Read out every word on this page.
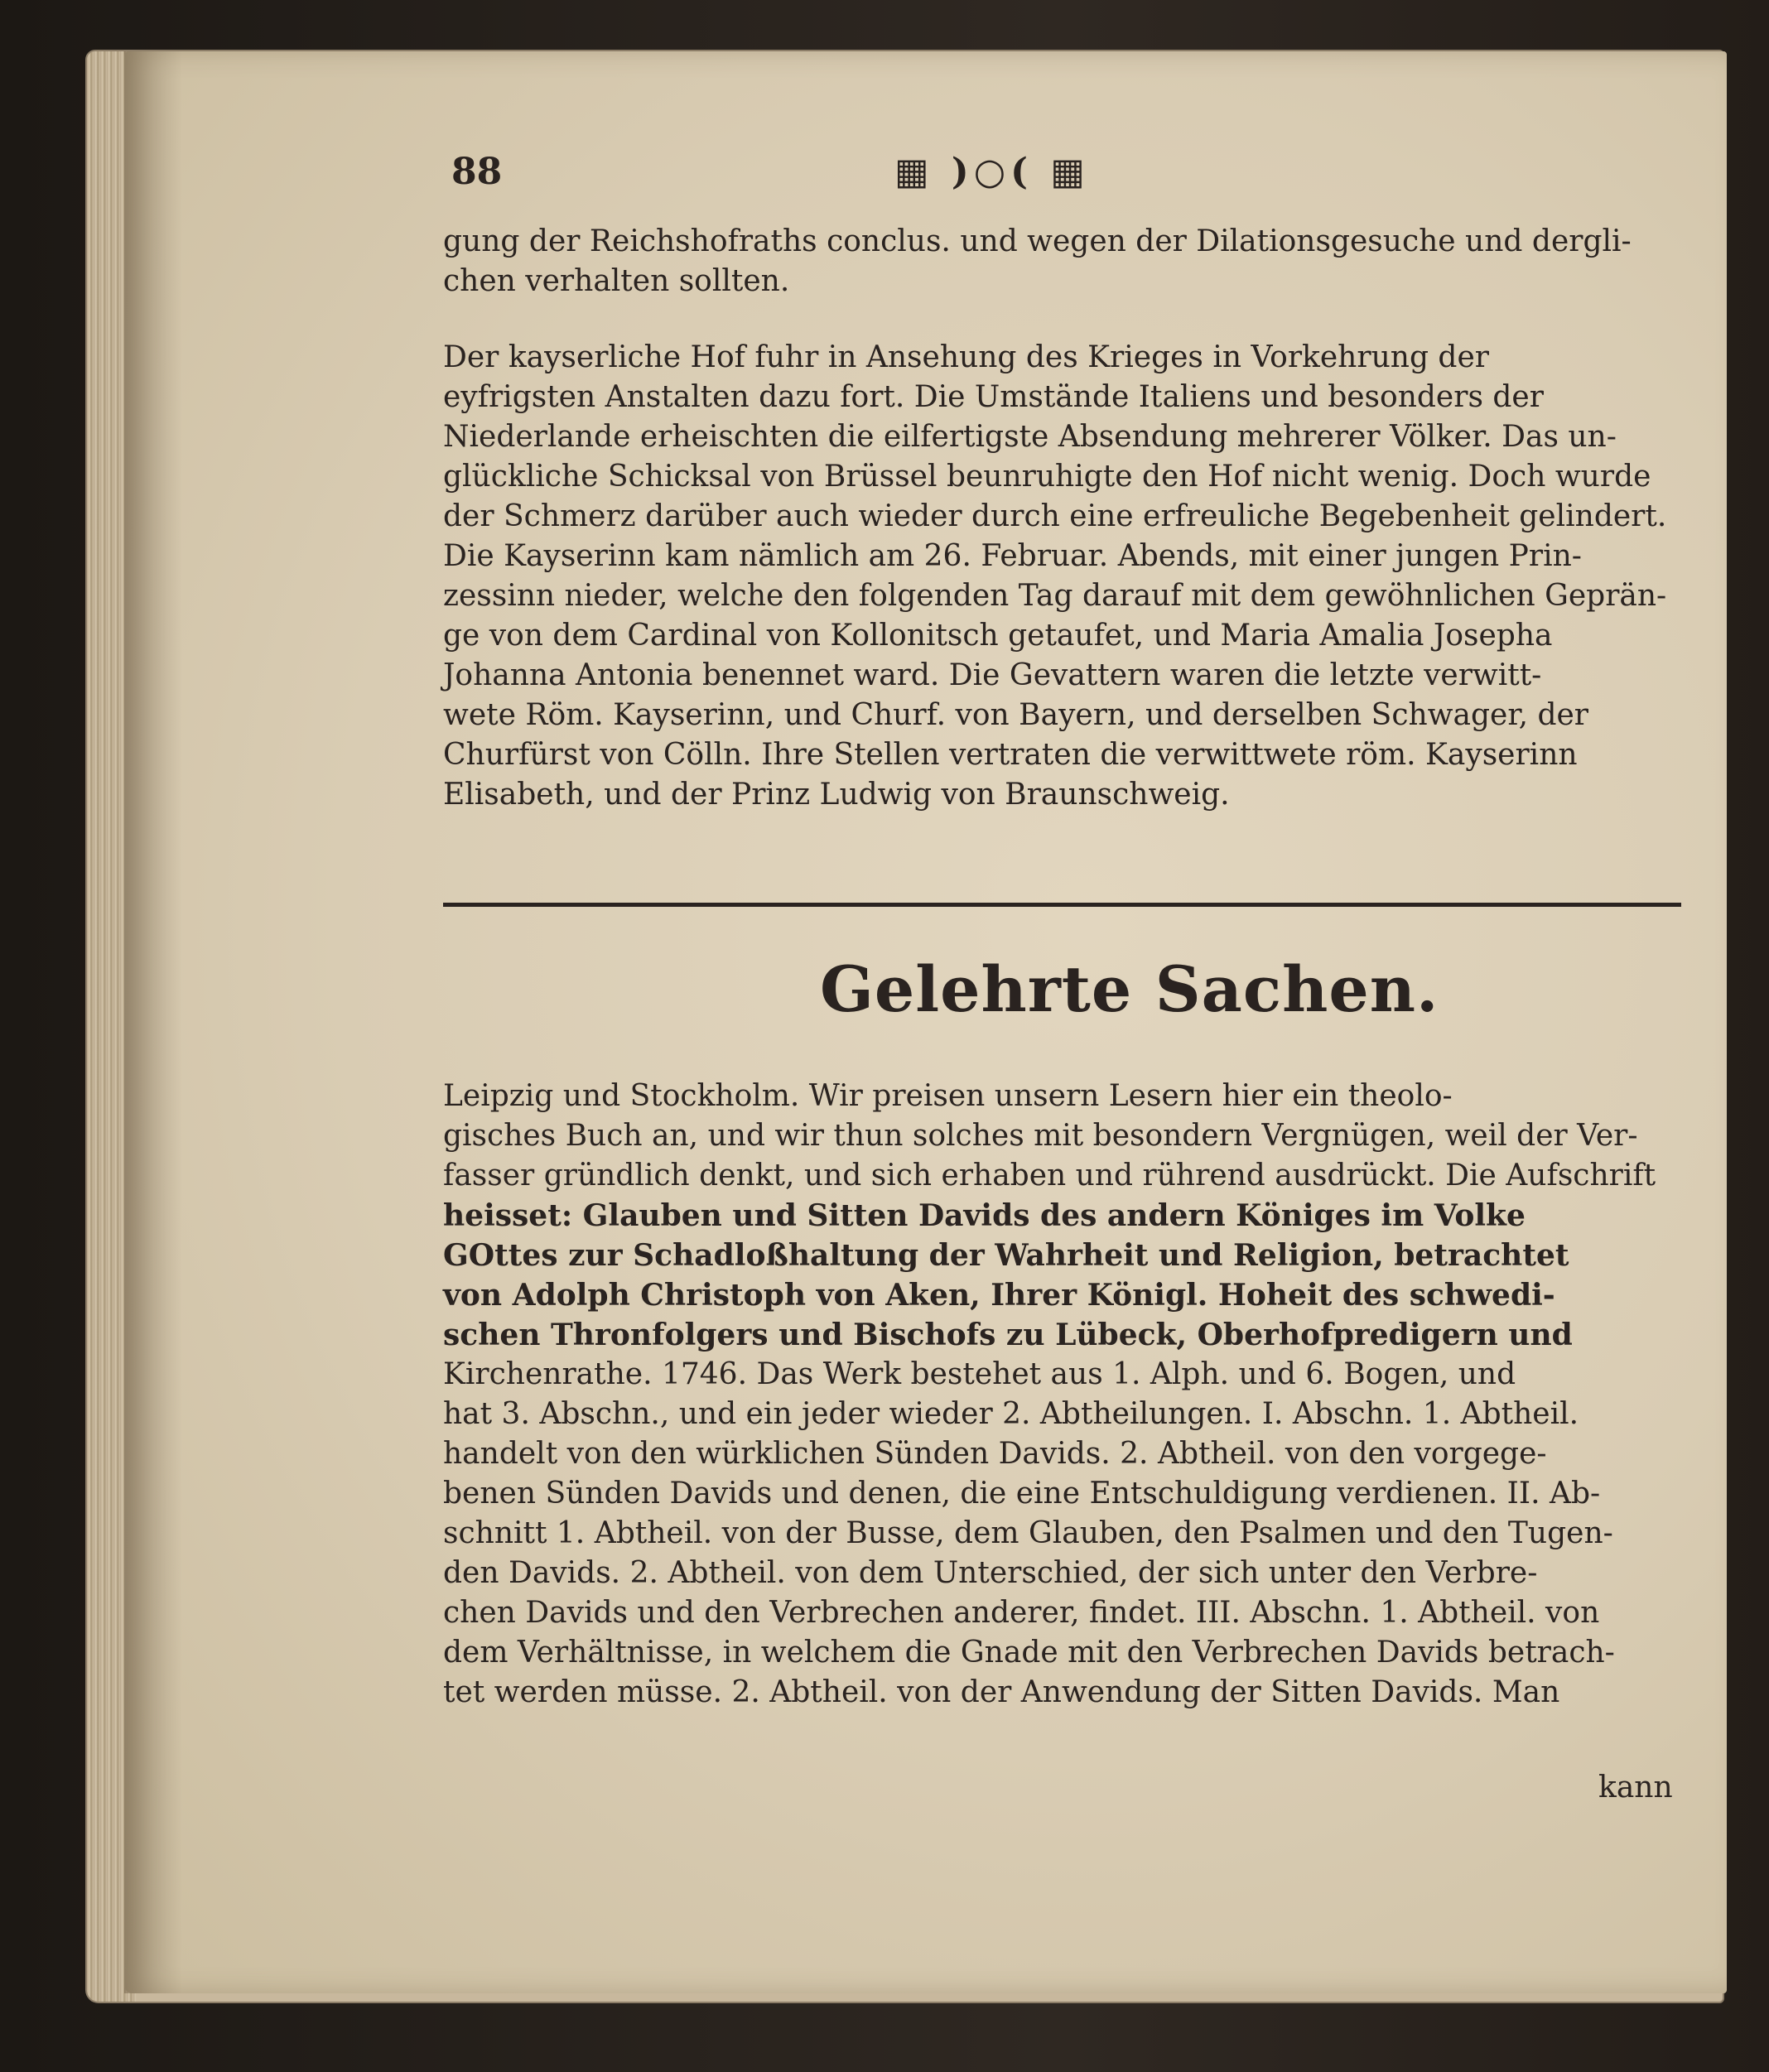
88	▦ )○( ▦
gung der Reichshofraths conclus. und wegen der Dilationsgesuche und dergli-
chen verhalten sollten.
Der kayserliche Hof fuhr in Ansehung des Krieges in Vorkehrung der
eyfrigsten Anstalten dazu fort. Die Umstände Italiens und besonders der
Niederlande erheischten die eilfertigste Absendung mehrerer Völker. Das un-
glückliche Schicksal von Brüssel beunruhigte den Hof nicht wenig. Doch wurde
der Schmerz darüber auch wieder durch eine erfreuliche Begebenheit gelindert.
Die Kayserinn kam nämlich am 26. Februar. Abends, mit einer jungen Prin-
zessinn nieder, welche den folgenden Tag darauf mit dem gewöhnlichen Geprän-
ge von dem Cardinal von Kollonitsch getaufet, und Maria Amalia Josepha
Johanna Antonia benennet ward. Die Gevattern waren die letzte verwitt-
wete Röm. Kayserinn, und Churf. von Bayern, und derselben Schwager, der
Churfürst von Cölln. Ihre Stellen vertraten die verwittwete röm. Kayserinn
Elisabeth, und der Prinz Ludwig von Braunschweig.
Gelehrte Sachen.
Leipzig und Stockholm. Wir preisen unsern Lesern hier ein theolo-
gisches Buch an, und wir thun solches mit besondern Vergnügen, weil der Ver-
fasser gründlich denkt, und sich erhaben und rührend ausdrückt. Die Aufschrift
heisset: Glauben und Sitten Davids des andern Königes im Volke
GOttes zur Schadloßhaltung der Wahrheit und Religion, betrachtet
von Adolph Christoph von Aken, Ihrer Königl. Hoheit des schwedi-
schen Thronfolgers und Bischofs zu Lübeck, Oberhofpredigern und
Kirchenrathe. 1746. Das Werk bestehet aus 1. Alph. und 6. Bogen, und
hat 3. Abschn., und ein jeder wieder 2. Abtheilungen. I. Abschn. 1. Abtheil.
handelt von den würklichen Sünden Davids. 2. Abtheil. von den vorgege-
benen Sünden Davids und denen, die eine Entschuldigung verdienen. II. Ab-
schnitt 1. Abtheil. von der Busse, dem Glauben, den Psalmen und den Tugen-
den Davids. 2. Abtheil. von dem Unterschied, der sich unter den Verbre-
chen Davids und den Verbrechen anderer, findet. III. Abschn. 1. Abtheil. von
dem Verhältnisse, in welchem die Gnade mit den Verbrechen Davids betrach-
tet werden müsse. 2. Abtheil. von der Anwendung der Sitten Davids. Man
kann
